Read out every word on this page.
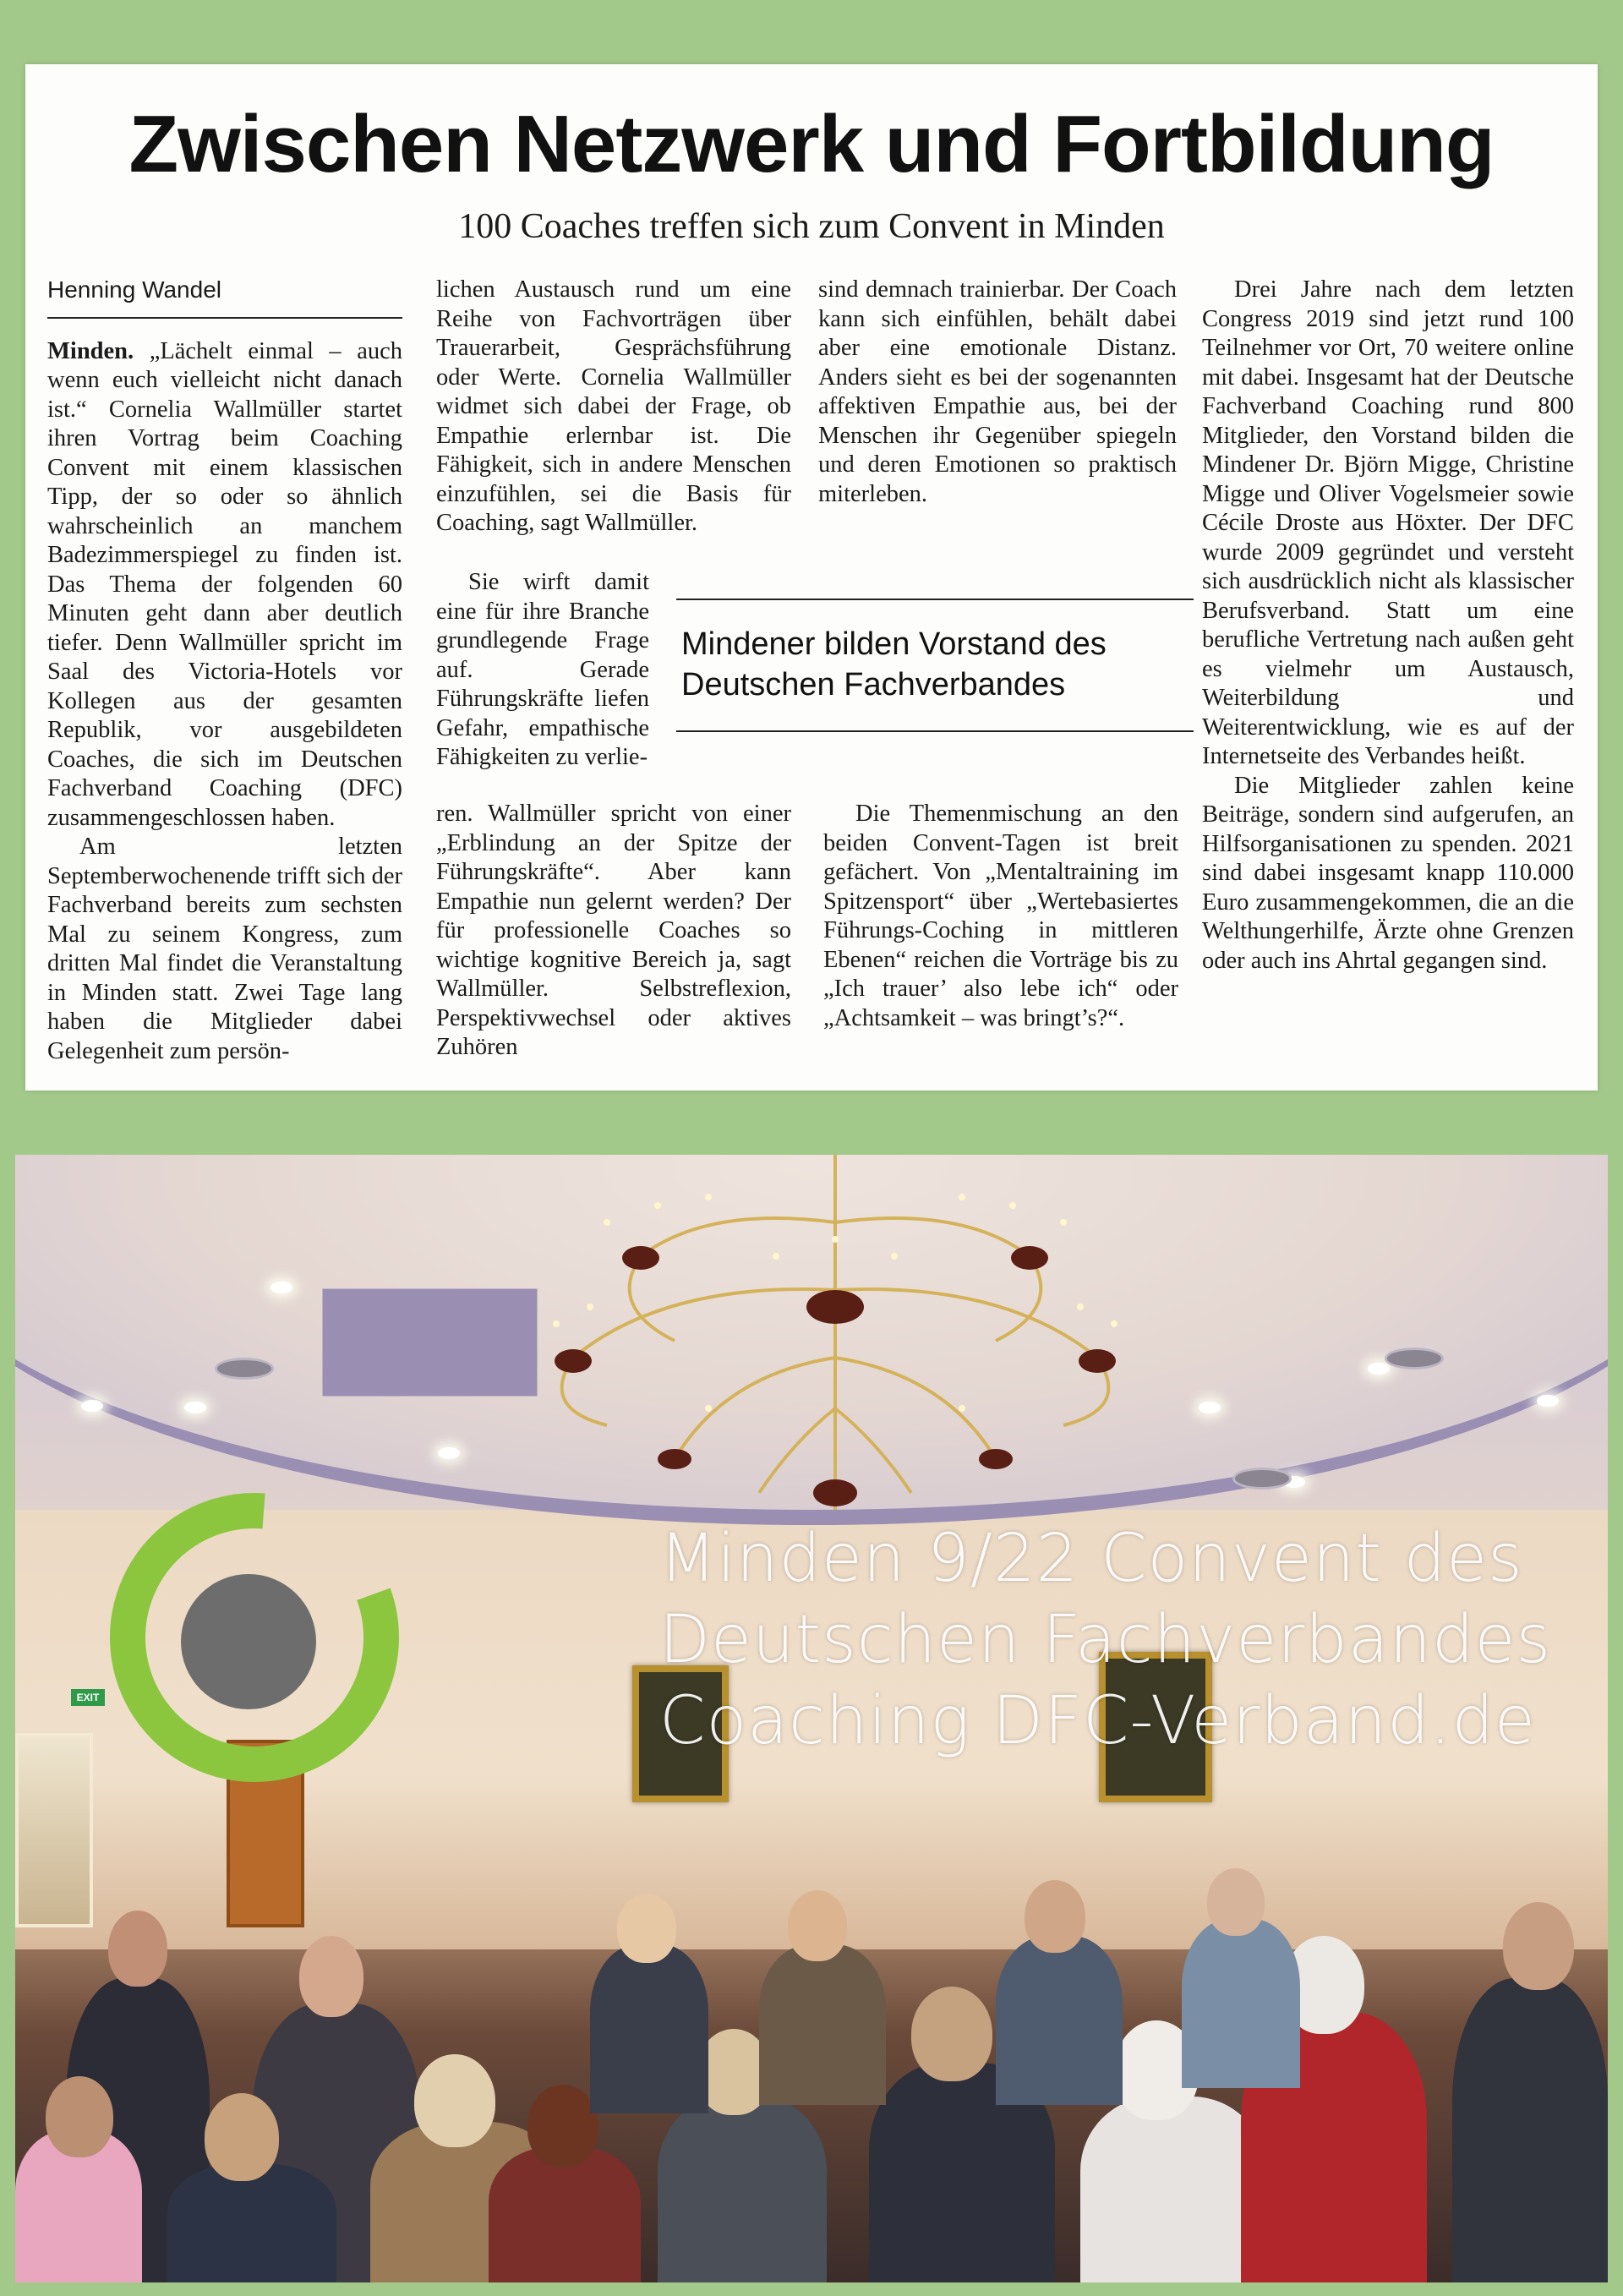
Zwischen Netzwerk und Fortbildung
100 Coaches treffen sich zum Convent in Minden
Henning Wandel

Minden. „Lächelt einmal – auch wenn euch vielleicht nicht danach ist.“ Cornelia Wallmüller startet ihren Vortrag beim Coaching Convent mit einem klassischen Tipp, der so oder so ähnlich wahrscheinlich an manchem Badezimmerspiegel zu finden ist. Das Thema der folgenden 60 Minuten geht dann aber deutlich tiefer. Denn Wallmüller spricht im Saal des Victoria-Hotels vor Kollegen aus der gesamten Republik, vor ausgebildeten Coaches, die sich im Deutschen Fachverband Coaching (DFC) zusammengeschlossen haben.

Am letzten Septemberwochenende trifft sich der Fachverband bereits zum sechsten Mal zu seinem Kongress, zum dritten Mal findet die Veranstaltung in Minden statt. Zwei Tage lang haben die Mitglieder dabei Gelegenheit zum persön-

lichen Austausch rund um eine Reihe von Fachvorträgen über Trauerarbeit, Gesprächsführung oder Werte. Cornelia Wallmüller widmet sich dabei der Frage, ob Empathie erlernbar ist. Die Fähigkeit, sich in andere Menschen einzufühlen, sei die Basis für Coaching, sagt Wallmüller.

Sie wirft damit eine für ihre Branche grundlegende Frage auf. Gerade Führungskräfte liefen Gefahr, empathische Fähigkeiten zu verlie-

ren. Wallmüller spricht von einer „Erblindung an der Spitze der Führungskräfte“. Aber kann Empathie nun gelernt werden? Der für professionelle Coaches so wichtige kognitive Bereich ja, sagt Wallmüller. Selbstreflexion, Perspektivwechsel oder aktives Zuhören

sind demnach trainierbar. Der Coach kann sich einfühlen, behält dabei aber eine emotionale Distanz. Anders sieht es bei der sogenannten affektiven Empathie aus, bei der Menschen ihr Gegenüber spiegeln und deren Emotionen so praktisch miterleben.

Mindener bilden Vorstand des Deutschen Fachverbandes

Die Themenmischung an den beiden Convent-Tagen ist breit gefächert. Von „Mentaltraining im Spitzensport“ über „Wertebasiertes Führungs-Coching in mittleren Ebenen“ reichen die Vorträge bis zu „Ich trauer’ also lebe ich“ oder „Achtsamkeit – was bringt’s?“.

Drei Jahre nach dem letzten Congress 2019 sind jetzt rund 100 Teilnehmer vor Ort, 70 weitere online mit dabei. Insgesamt hat der Deutsche Fachverband Coaching rund 800 Mitglieder, den Vorstand bilden die Mindener Dr. Björn Migge, Christine Migge und Oliver Vogelsmeier sowie Cécile Droste aus Höxter. Der DFC wurde 2009 gegründet und versteht sich ausdrücklich nicht als klassischer Berufsverband. Statt um eine berufliche Vertretung nach außen geht es vielmehr um Austausch, Weiterbildung und Weiterentwicklung, wie es auf der Internetseite des Verbandes heißt.

Die Mitglieder zahlen keine Beiträge, sondern sind aufgerufen, an Hilfsorganisationen zu spenden. 2021 sind dabei insgesamt knapp 110.000 Euro zusammengekommen, die an die Welthungerhilfe, Ärzte ohne Grenzen oder auch ins Ahrtal gegangen sind.

EXIT
Minden 9/22 Convent des
Deutschen Fachverbandes
Coaching DFC-Verband.de
